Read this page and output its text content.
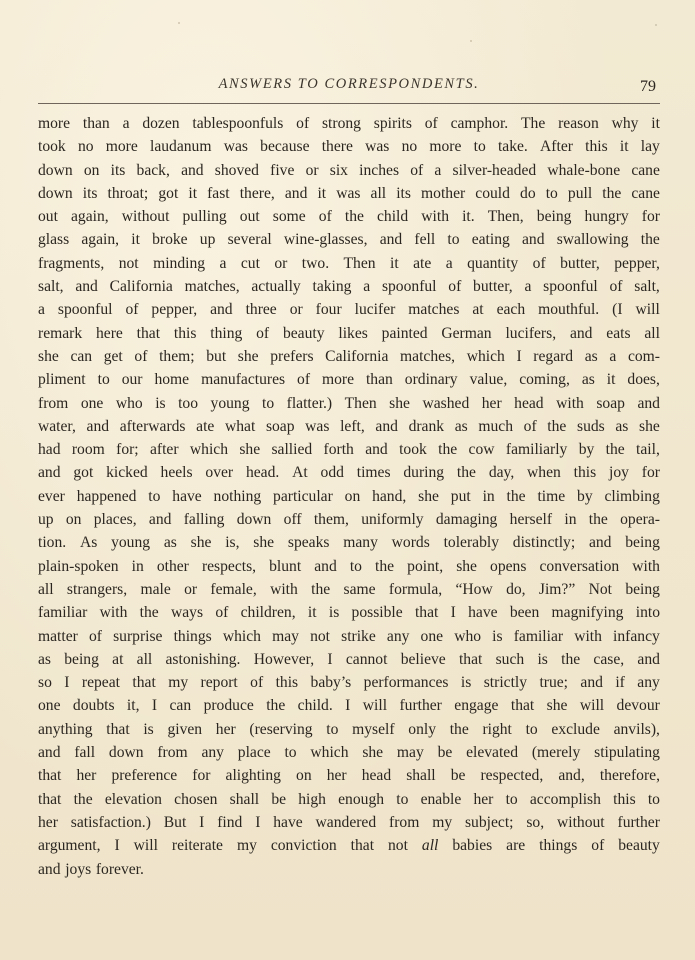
ANSWERS TO CORRESPONDENTS.	79
more than a dozen tablespoonfuls of strong spirits of camphor. The reason why it
took no more laudanum was because there was no more to take. After this it lay
down on its back, and shoved five or six inches of a silver-headed whale-bone cane
down its throat; got it fast there, and it was all its mother could do to pull the cane
out again, without pulling out some of the child with it. Then, being hungry for
glass again, it broke up several wine-glasses, and fell to eating and swallowing the
fragments, not minding a cut or two. Then it ate a quantity of butter, pepper,
salt, and California matches, actually taking a spoonful of butter, a spoonful of salt,
a spoonful of pepper, and three or four lucifer matches at each mouthful. (I will
remark here that this thing of beauty likes painted German lucifers, and eats all
she can get of them; but she prefers California matches, which I regard as a com-
pliment to our home manufactures of more than ordinary value, coming, as it does,
from one who is too young to flatter.) Then she washed her head with soap and
water, and afterwards ate what soap was left, and drank as much of the suds as she
had room for; after which she sallied forth and took the cow familiarly by the tail,
and got kicked heels over head. At odd times during the day, when this joy for
ever happened to have nothing particular on hand, she put in the time by climbing
up on places, and falling down off them, uniformly damaging herself in the opera-
tion. As young as she is, she speaks many words tolerably distinctly; and being
plain-spoken in other respects, blunt and to the point, she opens conversation with
all strangers, male or female, with the same formula, “How do, Jim?” Not being
familiar with the ways of children, it is possible that I have been magnifying into
matter of surprise things which may not strike any one who is familiar with infancy
as being at all astonishing. However, I cannot believe that such is the case, and
so I repeat that my report of this baby’s performances is strictly true; and if any
one doubts it, I can produce the child. I will further engage that she will devour
anything that is given her (reserving to myself only the right to exclude anvils),
and fall down from any place to which she may be elevated (merely stipulating
that her preference for alighting on her head shall be respected, and, therefore,
that the elevation chosen shall be high enough to enable her to accomplish this to
her satisfaction.) But I find I have wandered from my subject; so, without further
argument, I will reiterate my conviction that not all babies are things of beauty
and joys forever.
